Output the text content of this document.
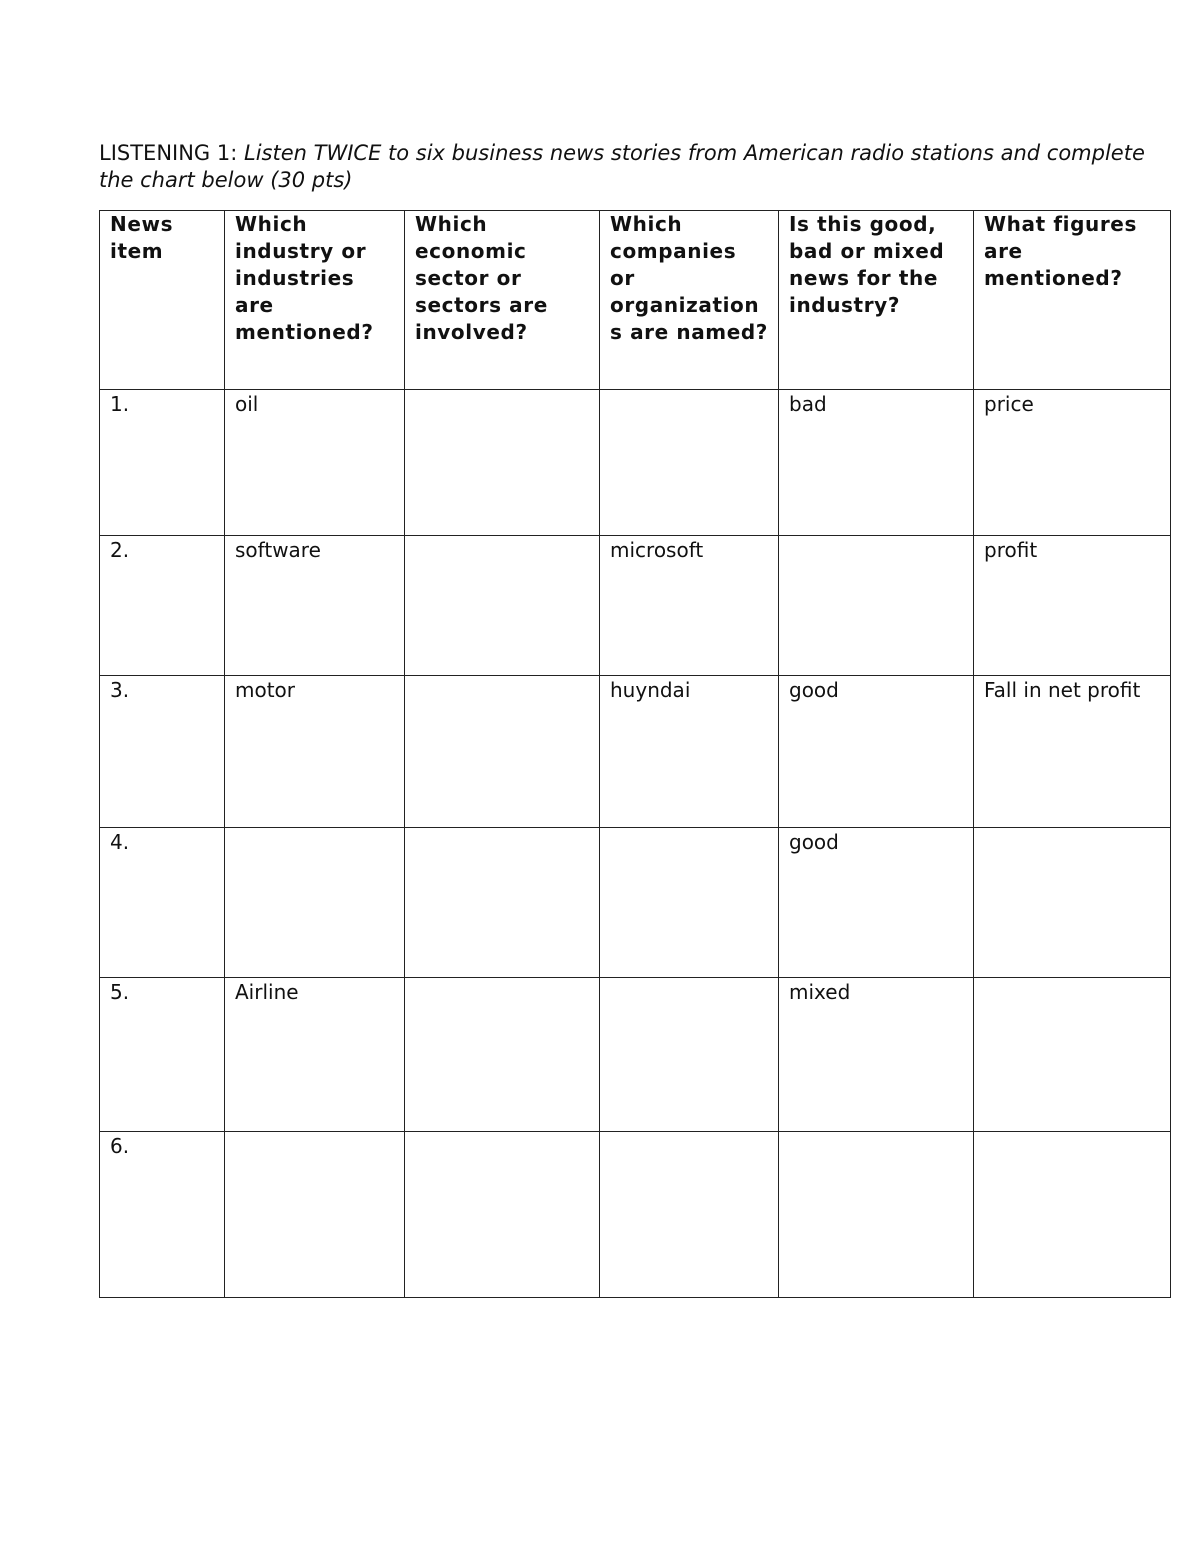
LISTENING 1: Listen TWICE to six business news stories from American radio stations and complete the chart below (30 pts)

News item	Which industry or industries are mentioned?	Which economic sector or sectors are involved?	Which companies or organization s are named?	Is this good, bad or mixed news for the industry?	What figures are mentioned?

1.	oil			bad	price
2.	software		microsoft		profit
3.	motor		huyndai	good	Fall in net profit
4.				good	
5.	Airline			mixed	
6.					
